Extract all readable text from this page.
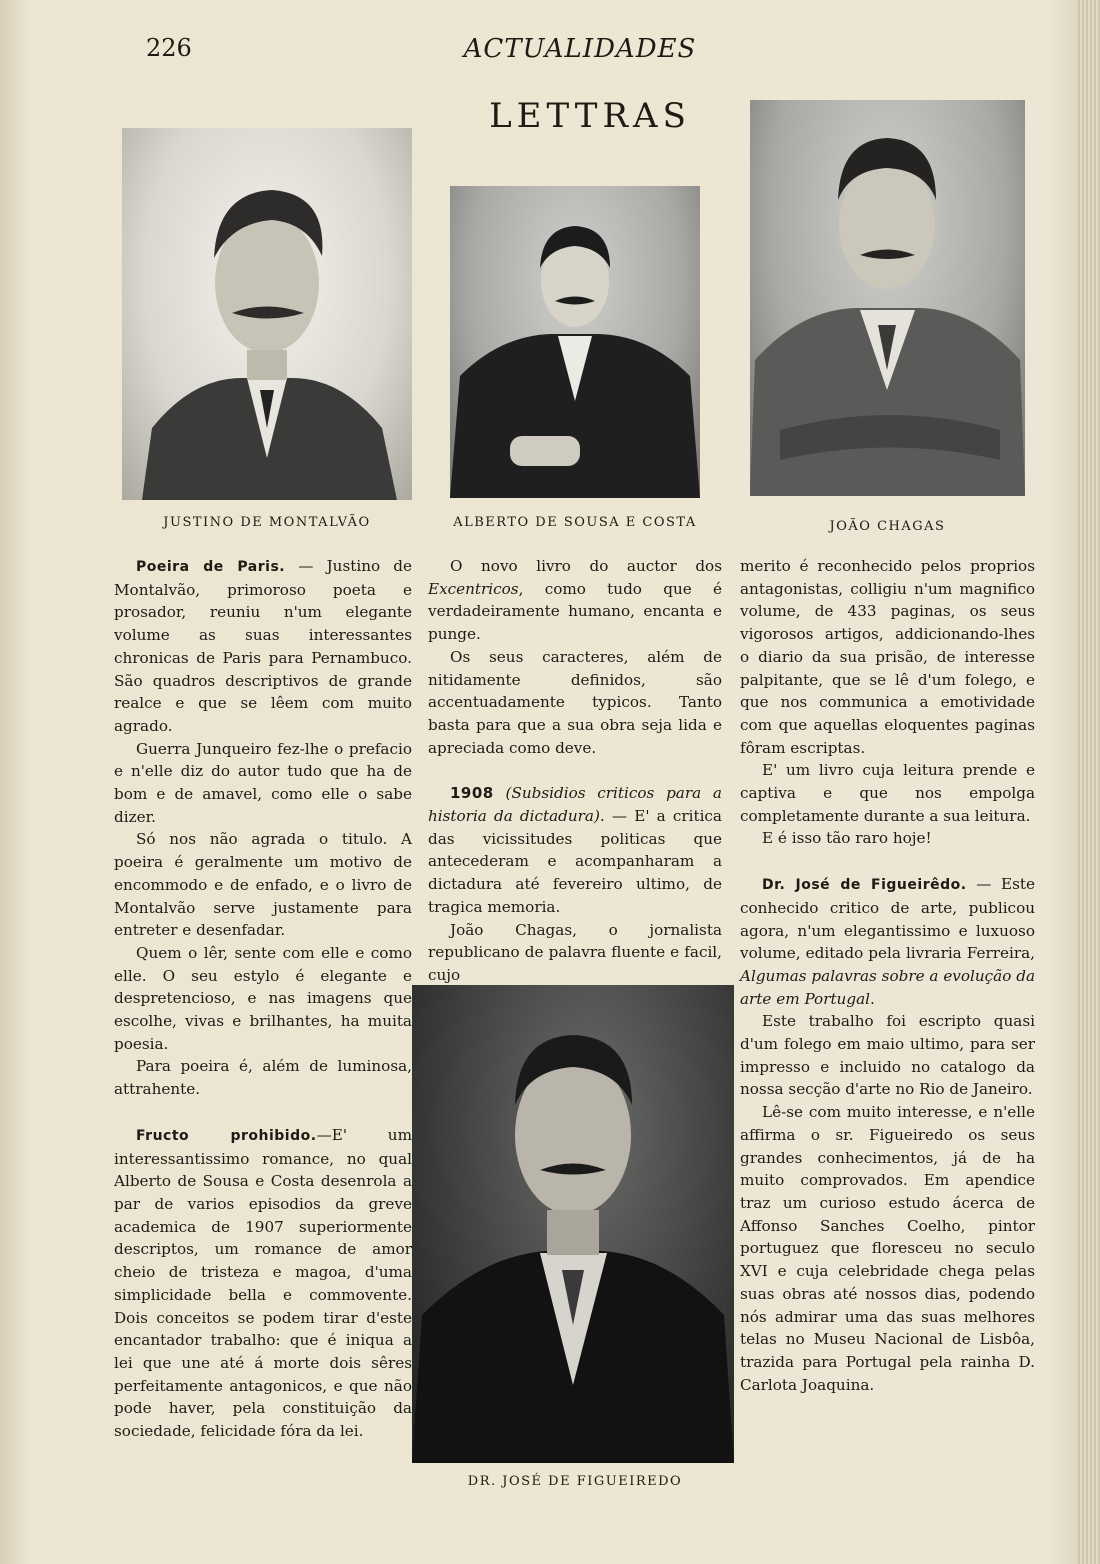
226	ACTUALIDADES
LETTRAS
JUSTINO DE MONTALVÃO	ALBERTO DE SOUSA E COSTA	JOÃO CHAGAS
DR. JOSÉ DE FIGUEIREDO

Poeira de Paris. — Justino de Montalvão, primoroso poeta e prosador, reuniu n'um elegante volume as suas interessantes chronicas de Paris para Pernambuco. São quadros descriptivos de grande realce e que se lêem com muito agrado.

Guerra Junqueiro fez-lhe o prefacio e n'elle diz do autor tudo que ha de bom e de amavel, como elle o sabe dizer.

Só nos não agrada o titulo. A poeira é geralmente um motivo de encommodo e de enfado, e o livro de Montalvão serve justamente para entreter e desenfadar.

Quem o lêr, sente com elle e como elle. O seu estylo é elegante e despretencioso, e nas imagens que escolhe, vivas e brilhantes, ha muita poesia.

Para poeira é, além de luminosa, attrahente.

Fructo prohibido.—E' um interessantissimo romance, no qual Alberto de Sousa e Costa desenrola a par de varios episodios da greve academica de 1907 superiormente descriptos, um romance de amor cheio de tristeza e magoa, d'uma simplicidade bella e commovente. Dois conceitos se podem tirar d'este encantador trabalho: que é iniqua a lei que une até á morte dois sêres perfeitamente antagonicos, e que não pode haver, pela constituição da sociedade, felicidade fóra da lei.

O novo livro do auctor dos Excentricos, como tudo que é verdadeiramente humano, encanta e punge.

Os seus caracteres, além de nitidamente definidos, são accentuadamente typicos. Tanto basta para que a sua obra seja lida e apreciada como deve.

1908 (Subsidios criticos para a historia da dictadura). — E' a critica das vicissitudes politicas que antecederam e acompanharam a dictadura até fevereiro ultimo, de tragica memoria.

João Chagas, o jornalista republicano de palavra fluente e facil, cujo

merito é reconhecido pelos proprios antagonistas, colligiu n'um magnifico volume, de 433 paginas, os seus vigorosos artigos, addicionando-lhes o diario da sua prisão, de interesse palpitante, que se lê d'um folego, e que nos communica a emotividade com que aquellas eloquentes paginas fôram escriptas.

E' um livro cuja leitura prende e captiva e que nos empolga completamente durante a sua leitura.

E é isso tão raro hoje!

Dr. José de Figueirêdo. — Este conhecido critico de arte, publicou agora, n'um elegantissimo e luxuoso volume, editado pela livraria Ferreira, Algumas palavras sobre a evolução da arte em Portugal.

Este trabalho foi escripto quasi d'um folego em maio ultimo, para ser impresso e incluido no catalogo da nossa secção d'arte no Rio de Janeiro.

Lê-se com muito interesse, e n'elle affirma o sr. Figueiredo os seus grandes conhecimentos, já de ha muito comprovados. Em apendice traz um curioso estudo ácerca de Affonso Sanches Coelho, pintor portuguez que floresceu no seculo XVI e cuja celebridade chega pelas suas obras até nossos dias, podendo nós admirar uma das suas melhores telas no Museu Nacional de Lisbôa, trazida para Portugal pela rainha D. Carlota Joaquina.
